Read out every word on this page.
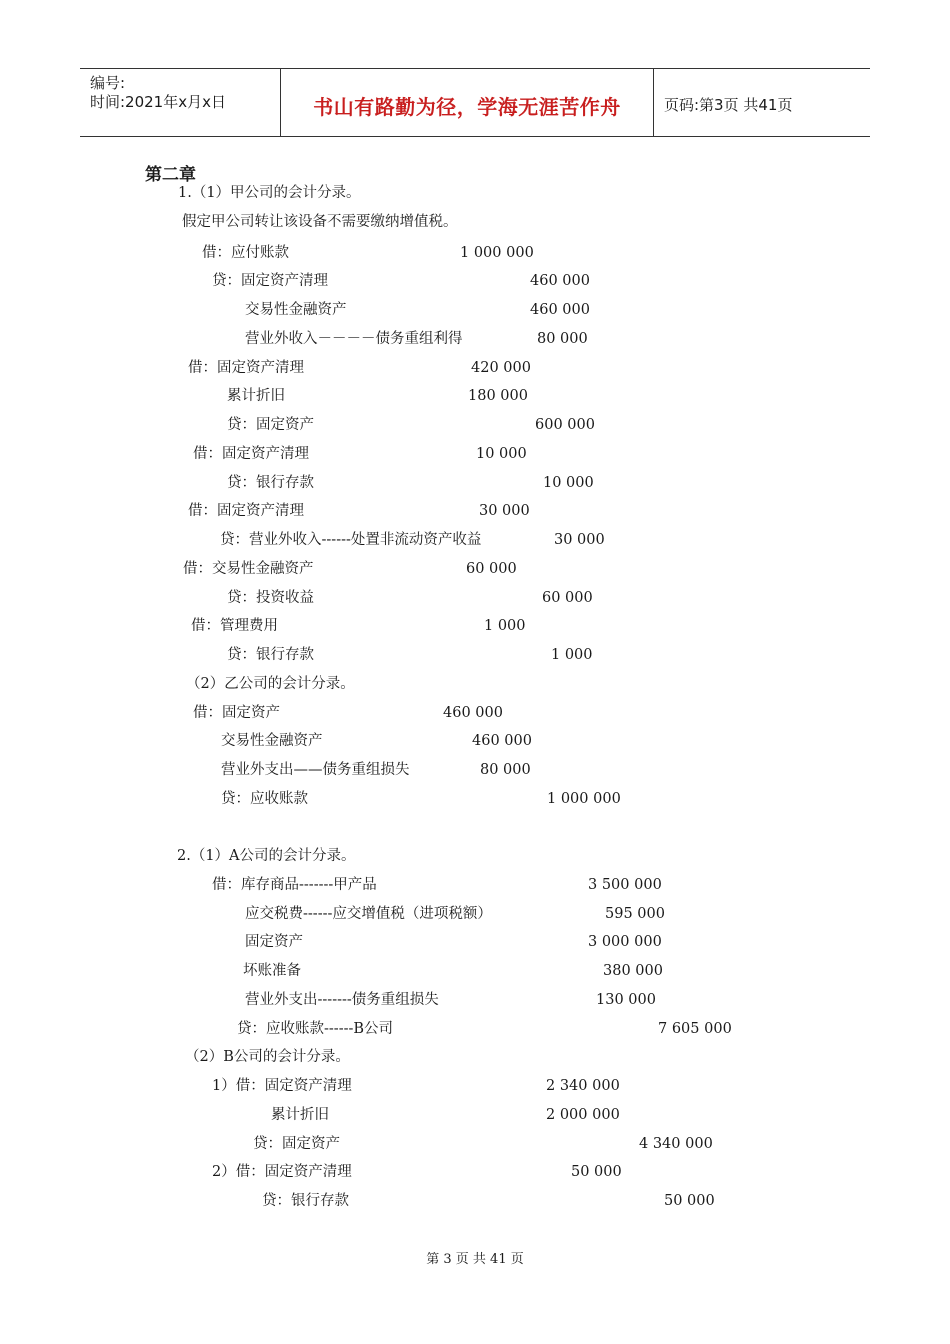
编号:
时间:2021年x月x日	书山有路勤为径，学海无涯苦作舟	页码:第3页 共41页
第二章
1.（1）甲公司的会计分录。
假定甲公司转让该设备不需要缴纳增值税。
借：应付账款	1 000 000
贷：固定资产清理	460 000
交易性金融资产	460 000
营业外收入－－－－债务重组利得	80 000
借：固定资产清理	420 000
累计折旧	180 000
贷：固定资产	600 000
借：固定资产清理	10 000
贷：银行存款	10 000
借：固定资产清理	30 000
贷：营业外收入------处置非流动资产收益	30 000
借：交易性金融资产	60 000
贷：投资收益	60 000
借：管理费用	1 000
贷：银行存款	1 000
（2）乙公司的会计分录。
借：固定资产	460 000
交易性金融资产	460 000
营业外支出——债务重组损失	80 000
贷：应收账款	1 000 000
2.（1）A公司的会计分录。
借：库存商品-------甲产品	3 500 000
应交税费------应交增值税（进项税额）	595 000
固定资产	3 000 000
坏账准备	380 000
营业外支出-------债务重组损失	130 000
贷：应收账款------B公司	7 605 000
（2）B公司的会计分录。
1）借：固定资产清理	2 340 000
累计折旧	2 000 000
贷：固定资产	4 340 000
2）借：固定资产清理	50 000
贷：银行存款	50 000
第 3 页 共 41 页
